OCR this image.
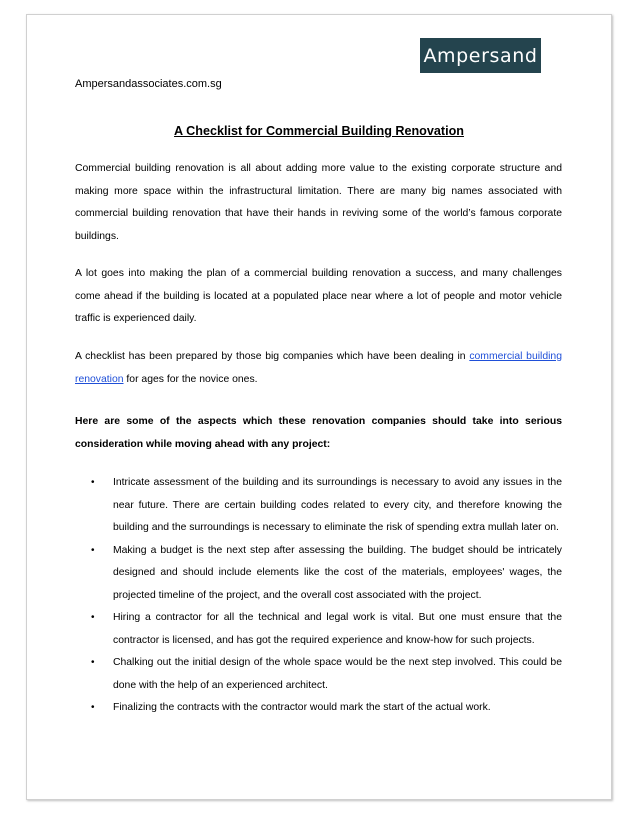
Ampersand
Ampersandassociates.com.sg
A Checklist for Commercial Building Renovation

Commercial building renovation is all about adding more value to the existing corporate structure and making more space within the infrastructural limitation. There are many big names associated with commercial building renovation that have their hands in reviving some of the world’s famous corporate buildings.

A lot goes into making the plan of a commercial building renovation a success, and many challenges come ahead if the building is located at a populated place near where a lot of people and motor vehicle traffic is experienced daily.

A checklist has been prepared by those big companies which have been dealing in commercial building renovation for ages for the novice ones.

Here are some of the aspects which these renovation companies should take into serious consideration while moving ahead with any project:

• Intricate assessment of the building and its surroundings is necessary to avoid any issues in the near future. There are certain building codes related to every city, and therefore knowing the building and the surroundings is necessary to eliminate the risk of spending extra mullah later on.
• Making a budget is the next step after assessing the building. The budget should be intricately designed and should include elements like the cost of the materials, employees' wages, the projected timeline of the project, and the overall cost associated with the project.
• Hiring a contractor for all the technical and legal work is vital. But one must ensure that the contractor is licensed, and has got the required experience and know-how for such projects.
• Chalking out the initial design of the whole space would be the next step involved. This could be done with the help of an experienced architect.
• Finalizing the contracts with the contractor would mark the start of the actual work.
